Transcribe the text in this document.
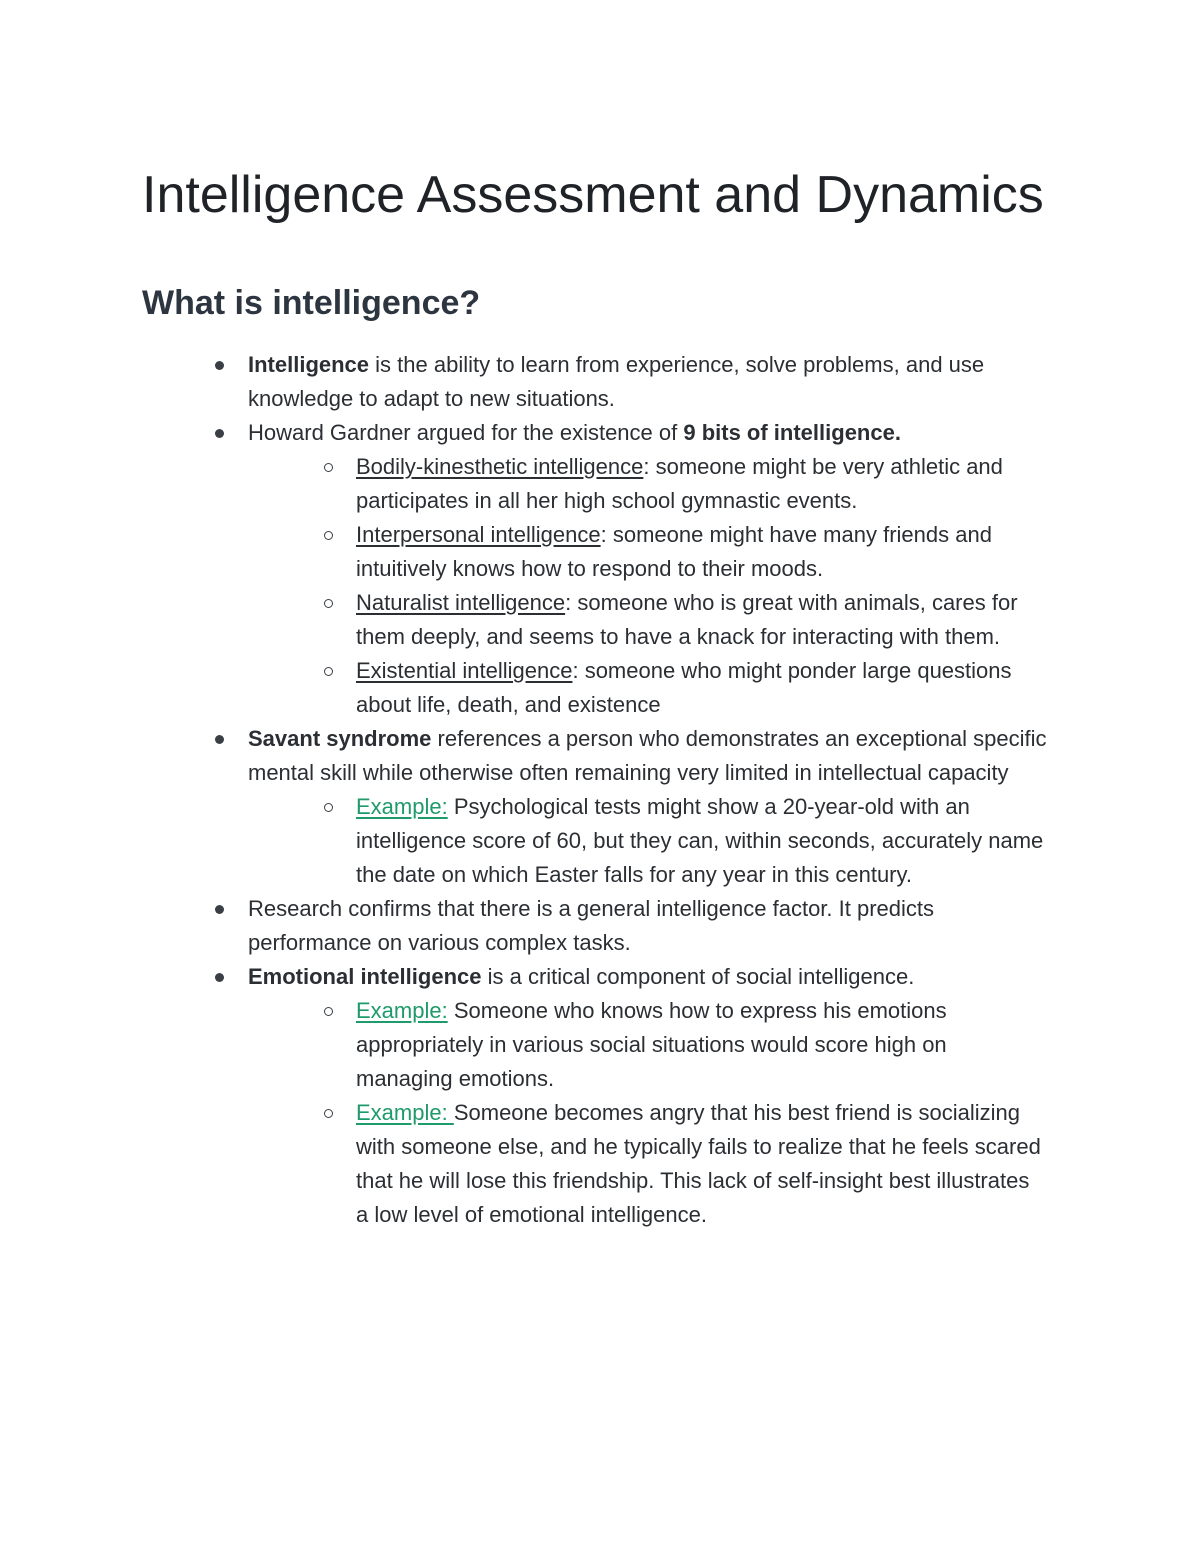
Intelligence Assessment and Dynamics
What is intelligence?
Intelligence is the ability to learn from experience, solve problems, and use knowledge to adapt to new situations.
Howard Gardner argued for the existence of 9 bits of intelligence.
Bodily-kinesthetic intelligence: someone might be very athletic and participates in all her high school gymnastic events.
Interpersonal intelligence: someone might have many friends and intuitively knows how to respond to their moods.
Naturalist intelligence: someone who is great with animals, cares for them deeply, and seems to have a knack for interacting with them.
Existential intelligence: someone who might ponder large questions about life, death, and existence
Savant syndrome references a person who demonstrates an exceptional specific mental skill while otherwise often remaining very limited in intellectual capacity
Example: Psychological tests might show a 20-year-old with an intelligence score of 60, but they can, within seconds, accurately name the date on which Easter falls for any year in this century.
Research confirms that there is a general intelligence factor. It predicts performance on various complex tasks.
Emotional intelligence is a critical component of social intelligence.
Example: Someone who knows how to express his emotions appropriately in various social situations would score high on managing emotions.
Example: Someone becomes angry that his best friend is socializing with someone else, and he typically fails to realize that he feels scared that he will lose this friendship. This lack of self-insight best illustrates a low level of emotional intelligence.
